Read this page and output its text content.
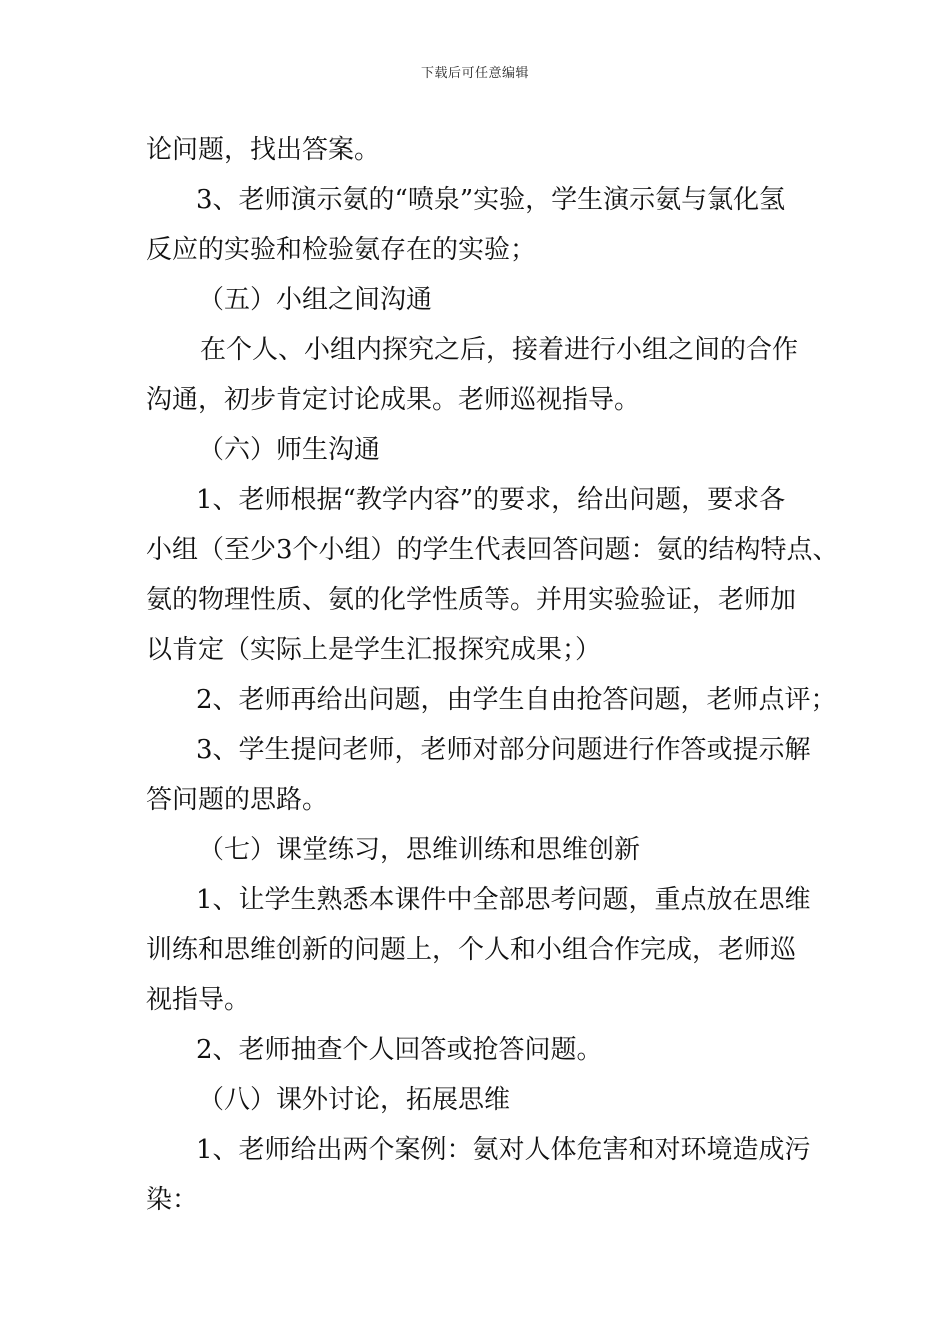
下载后可任意编辑
论问题，找出答案。
3、老师演示氨的“喷泉”实验，学生演示氨与氯化氢
反应的实验和检验氨存在的实验；
（五）小组之间沟通
在个人、小组内探究之后，接着进行小组之间的合作
沟通，初步肯定讨论成果。老师巡视指导。
（六）师生沟通
1、老师根据“教学内容”的要求，给出问题，要求各
小组（至少3个小组）的学生代表回答问题：氨的结构特点、
氨的物理性质、氨的化学性质等。并用实验验证，老师加
以肯定（实际上是学生汇报探究成果；）
2、老师再给出问题，由学生自由抢答问题，老师点评；
3、学生提问老师，老师对部分问题进行作答或提示解
答问题的思路。
（七）课堂练习，思维训练和思维创新
1、让学生熟悉本课件中全部思考问题，重点放在思维
训练和思维创新的问题上，个人和小组合作完成，老师巡
视指导。
2、老师抽查个人回答或抢答问题。
（八）课外讨论，拓展思维
1、老师给出两个案例：氨对人体危害和对环境造成污
染：
